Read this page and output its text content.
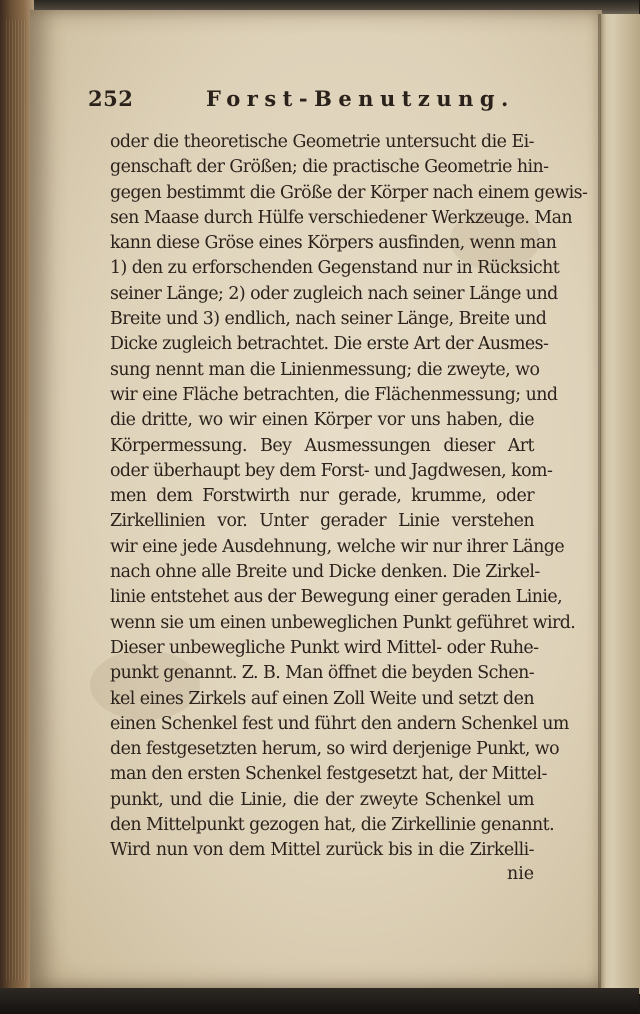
252	Forst-Benutzung.
oder die theoretische Geometrie untersucht die Ei-
genschaft der Größen; die practische Geometrie hin-
gegen bestimmt die Größe der Körper nach einem gewis-
sen Maase durch Hülfe verschiedener Werkzeuge. Man
kann diese Gröse eines Körpers ausfinden, wenn man
1) den zu erforschenden Gegenstand nur in Rücksicht
seiner Länge; 2) oder zugleich nach seiner Länge und
Breite und 3) endlich, nach seiner Länge, Breite und
Dicke zugleich betrachtet. Die erste Art der Ausmes-
sung nennt man die Linienmessung; die zweyte, wo
wir eine Fläche betrachten, die Flächenmessung; und
die dritte, wo wir einen Körper vor uns haben, die
Körpermessung. Bey Ausmessungen dieser Art
oder überhaupt bey dem Forst- und Jagdwesen, kom-
men dem Forstwirth nur gerade, krumme, oder
Zirkellinien vor. Unter gerader Linie verstehen
wir eine jede Ausdehnung, welche wir nur ihrer Länge
nach ohne alle Breite und Dicke denken. Die Zirkel-
linie entstehet aus der Bewegung einer geraden Linie,
wenn sie um einen unbeweglichen Punkt geführet wird.
Dieser unbewegliche Punkt wird Mittel- oder Ruhe-
punkt genannt. Z. B. Man öffnet die beyden Schen-
kel eines Zirkels auf einen Zoll Weite und setzt den
einen Schenkel fest und führt den andern Schenkel um
den festgesetzten herum, so wird derjenige Punkt, wo
man den ersten Schenkel festgesetzt hat, der Mittel-
punkt, und die Linie, die der zweyte Schenkel um
den Mittelpunkt gezogen hat, die Zirkellinie genannt.
Wird nun von dem Mittel zurück bis in die Zirkelli-
nie
